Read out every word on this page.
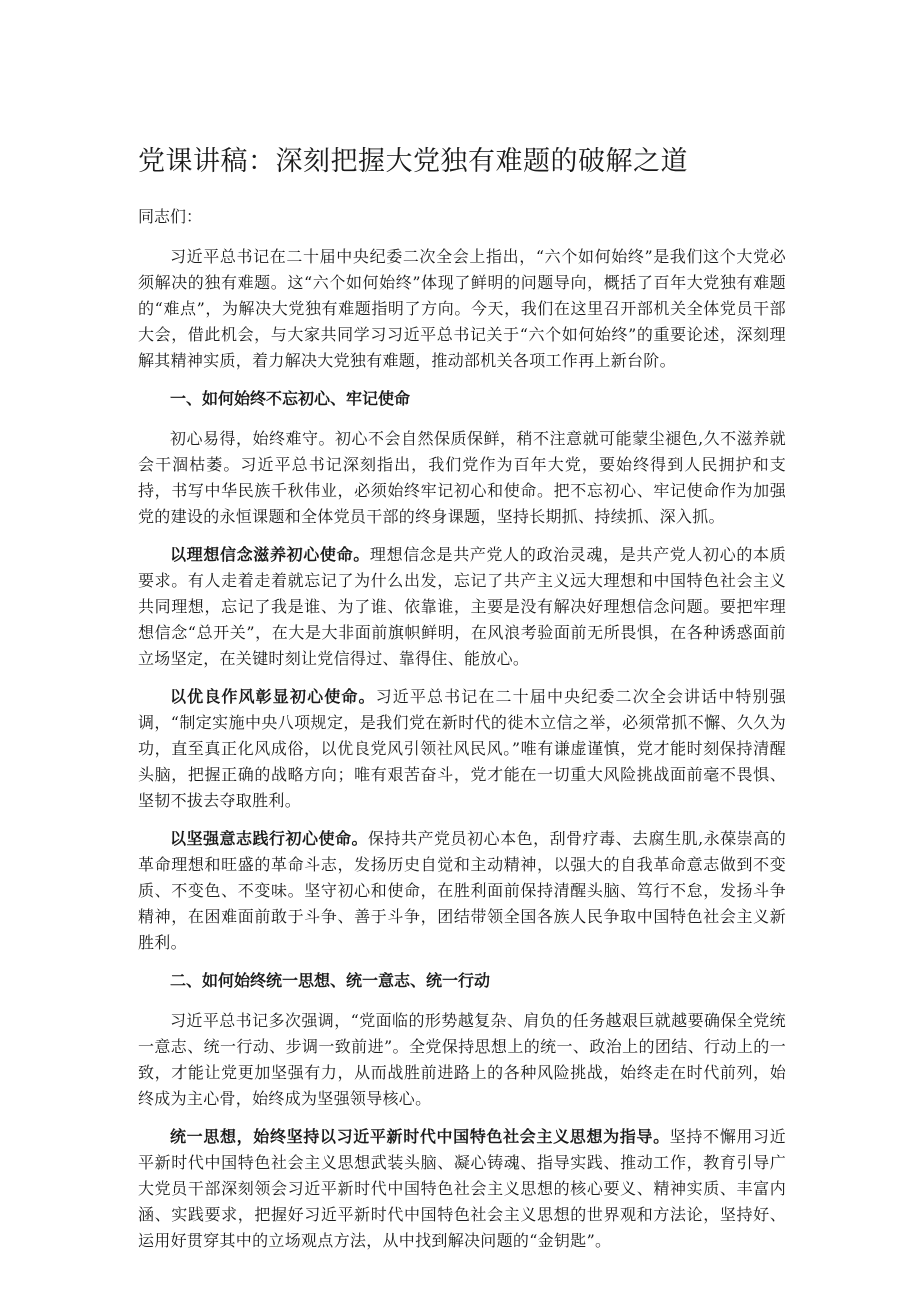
党课讲稿：深刻把握大党独有难题的破解之道
同志们：

习近平总书记在二十届中央纪委二次全会上指出，“六个如何始终”是我们这个大党必须解决的独有难题。这“六个如何始终”体现了鲜明的问题导向，概括了百年大党独有难题的“难点”，为解决大党独有难题指明了方向。今天，我们在这里召开部机关全体党员干部大会，借此机会，与大家共同学习习近平总书记关于“六个如何始终”的重要论述，深刻理解其精神实质，着力解决大党独有难题，推动部机关各项工作再上新台阶。

一、如何始终不忘初心、牢记使命

初心易得，始终难守。初心不会自然保质保鲜，稍不注意就可能蒙尘褪色,久不滋养就会干涸枯萎。习近平总书记深刻指出，我们党作为百年大党，要始终得到人民拥护和支持，书写中华民族千秋伟业，必须始终牢记初心和使命。把不忘初心、牢记使命作为加强党的建设的永恒课题和全体党员干部的终身课题，坚持长期抓、持续抓、深入抓。

以理想信念滋养初心使命。理想信念是共产党人的政治灵魂，是共产党人初心的本质要求。有人走着走着就忘记了为什么出发，忘记了共产主义远大理想和中国特色社会主义共同理想，忘记了我是谁、为了谁、依靠谁，主要是没有解决好理想信念问题。要把牢理想信念“总开关”，在大是大非面前旗帜鲜明，在风浪考验面前无所畏惧，在各种诱惑面前立场坚定，在关键时刻让党信得过、靠得住、能放心。

以优良作风彰显初心使命。习近平总书记在二十届中央纪委二次全会讲话中特别强调，“制定实施中央八项规定，是我们党在新时代的徙木立信之举，必须常抓不懈、久久为功，直至真正化风成俗，以优良党风引领社风民风。”唯有谦虚谨慎，党才能时刻保持清醒头脑，把握正确的战略方向；唯有艰苦奋斗，党才能在一切重大风险挑战面前毫不畏惧、坚韧不拔去夺取胜利。

以坚强意志践行初心使命。保持共产党员初心本色，刮骨疗毒、去腐生肌,永葆崇高的革命理想和旺盛的革命斗志，发扬历史自觉和主动精神，以强大的自我革命意志做到不变质、不变色、不变味。坚守初心和使命，在胜利面前保持清醒头脑、笃行不怠，发扬斗争精神，在困难面前敢于斗争、善于斗争，团结带领全国各族人民争取中国特色社会主义新胜利。

二、如何始终统一思想、统一意志、统一行动

习近平总书记多次强调，“党面临的形势越复杂、肩负的任务越艰巨就越要确保全党统一意志、统一行动、步调一致前进”。全党保持思想上的统一、政治上的团结、行动上的一致，才能让党更加坚强有力，从而战胜前进路上的各种风险挑战，始终走在时代前列，始终成为主心骨，始终成为坚强领导核心。

统一思想，始终坚持以习近平新时代中国特色社会主义思想为指导。坚持不懈用习近平新时代中国特色社会主义思想武装头脑、凝心铸魂、指导实践、推动工作，教育引导广大党员干部深刻领会习近平新时代中国特色社会主义思想的核心要义、精神实质、丰富内涵、实践要求，把握好习近平新时代中国特色社会主义思想的世界观和方法论，坚持好、运用好贯穿其中的立场观点方法，从中找到解决问题的“金钥匙”。
